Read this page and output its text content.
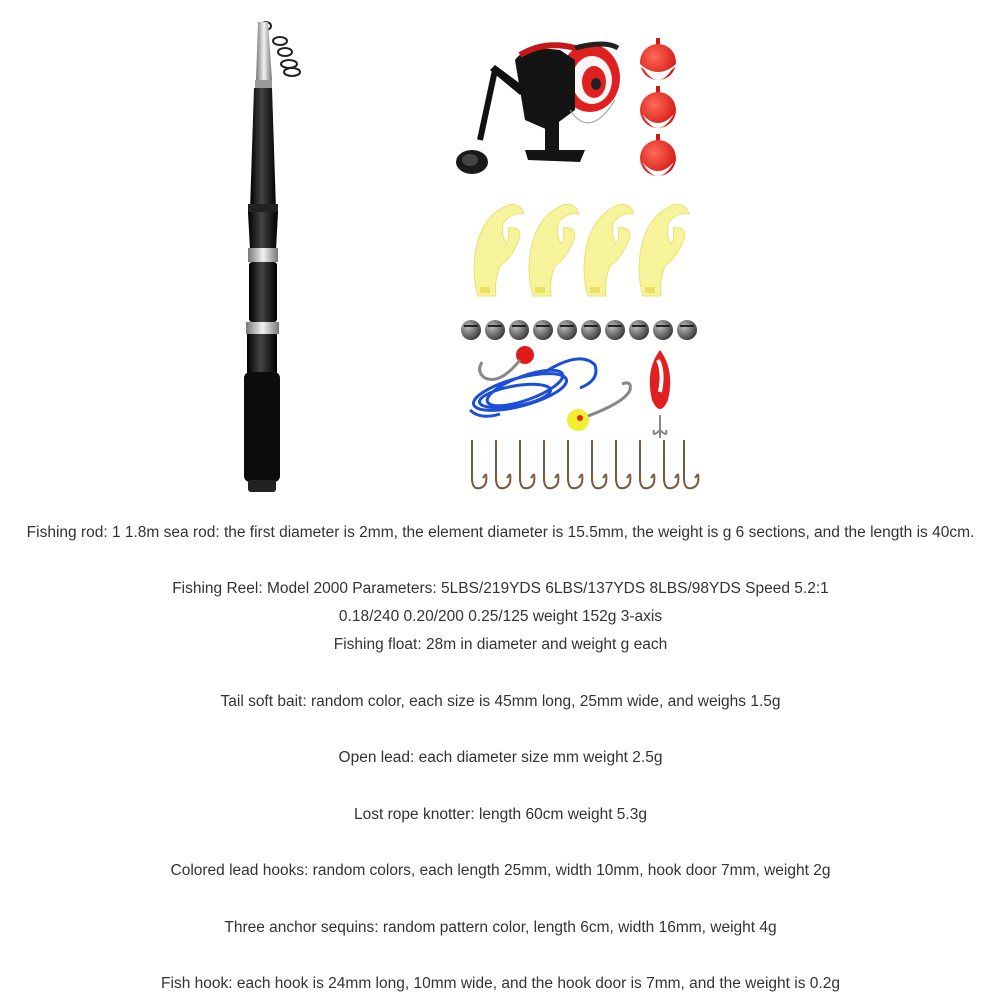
Fishing rod: 1 1.8m sea rod: the first diameter is 2mm, the element diameter is 15.5mm, the weight is g 6 sections, and the length is 40cm.
Fishing Reel: Model 2000 Parameters: 5LBS/219YDS 6LBS/137YDS 8LBS/98YDS Speed 5.2:1
0.18/240 0.20/200 0.25/125 weight 152g 3-axis
Fishing float: 28m in diameter and weight g each
Tail soft bait: random color, each size is 45mm long, 25mm wide, and weighs 1.5g
Open lead: each diameter size mm weight 2.5g
Lost rope knotter: length 60cm weight 5.3g
Colored lead hooks: random colors, each length 25mm, width 10mm, hook door 7mm, weight 2g
Three anchor sequins: random pattern color, length 6cm, width 16mm, weight 4g
Fish hook: each hook is 24mm long, 10mm wide, and the hook door is 7mm, and the weight is 0.2g
